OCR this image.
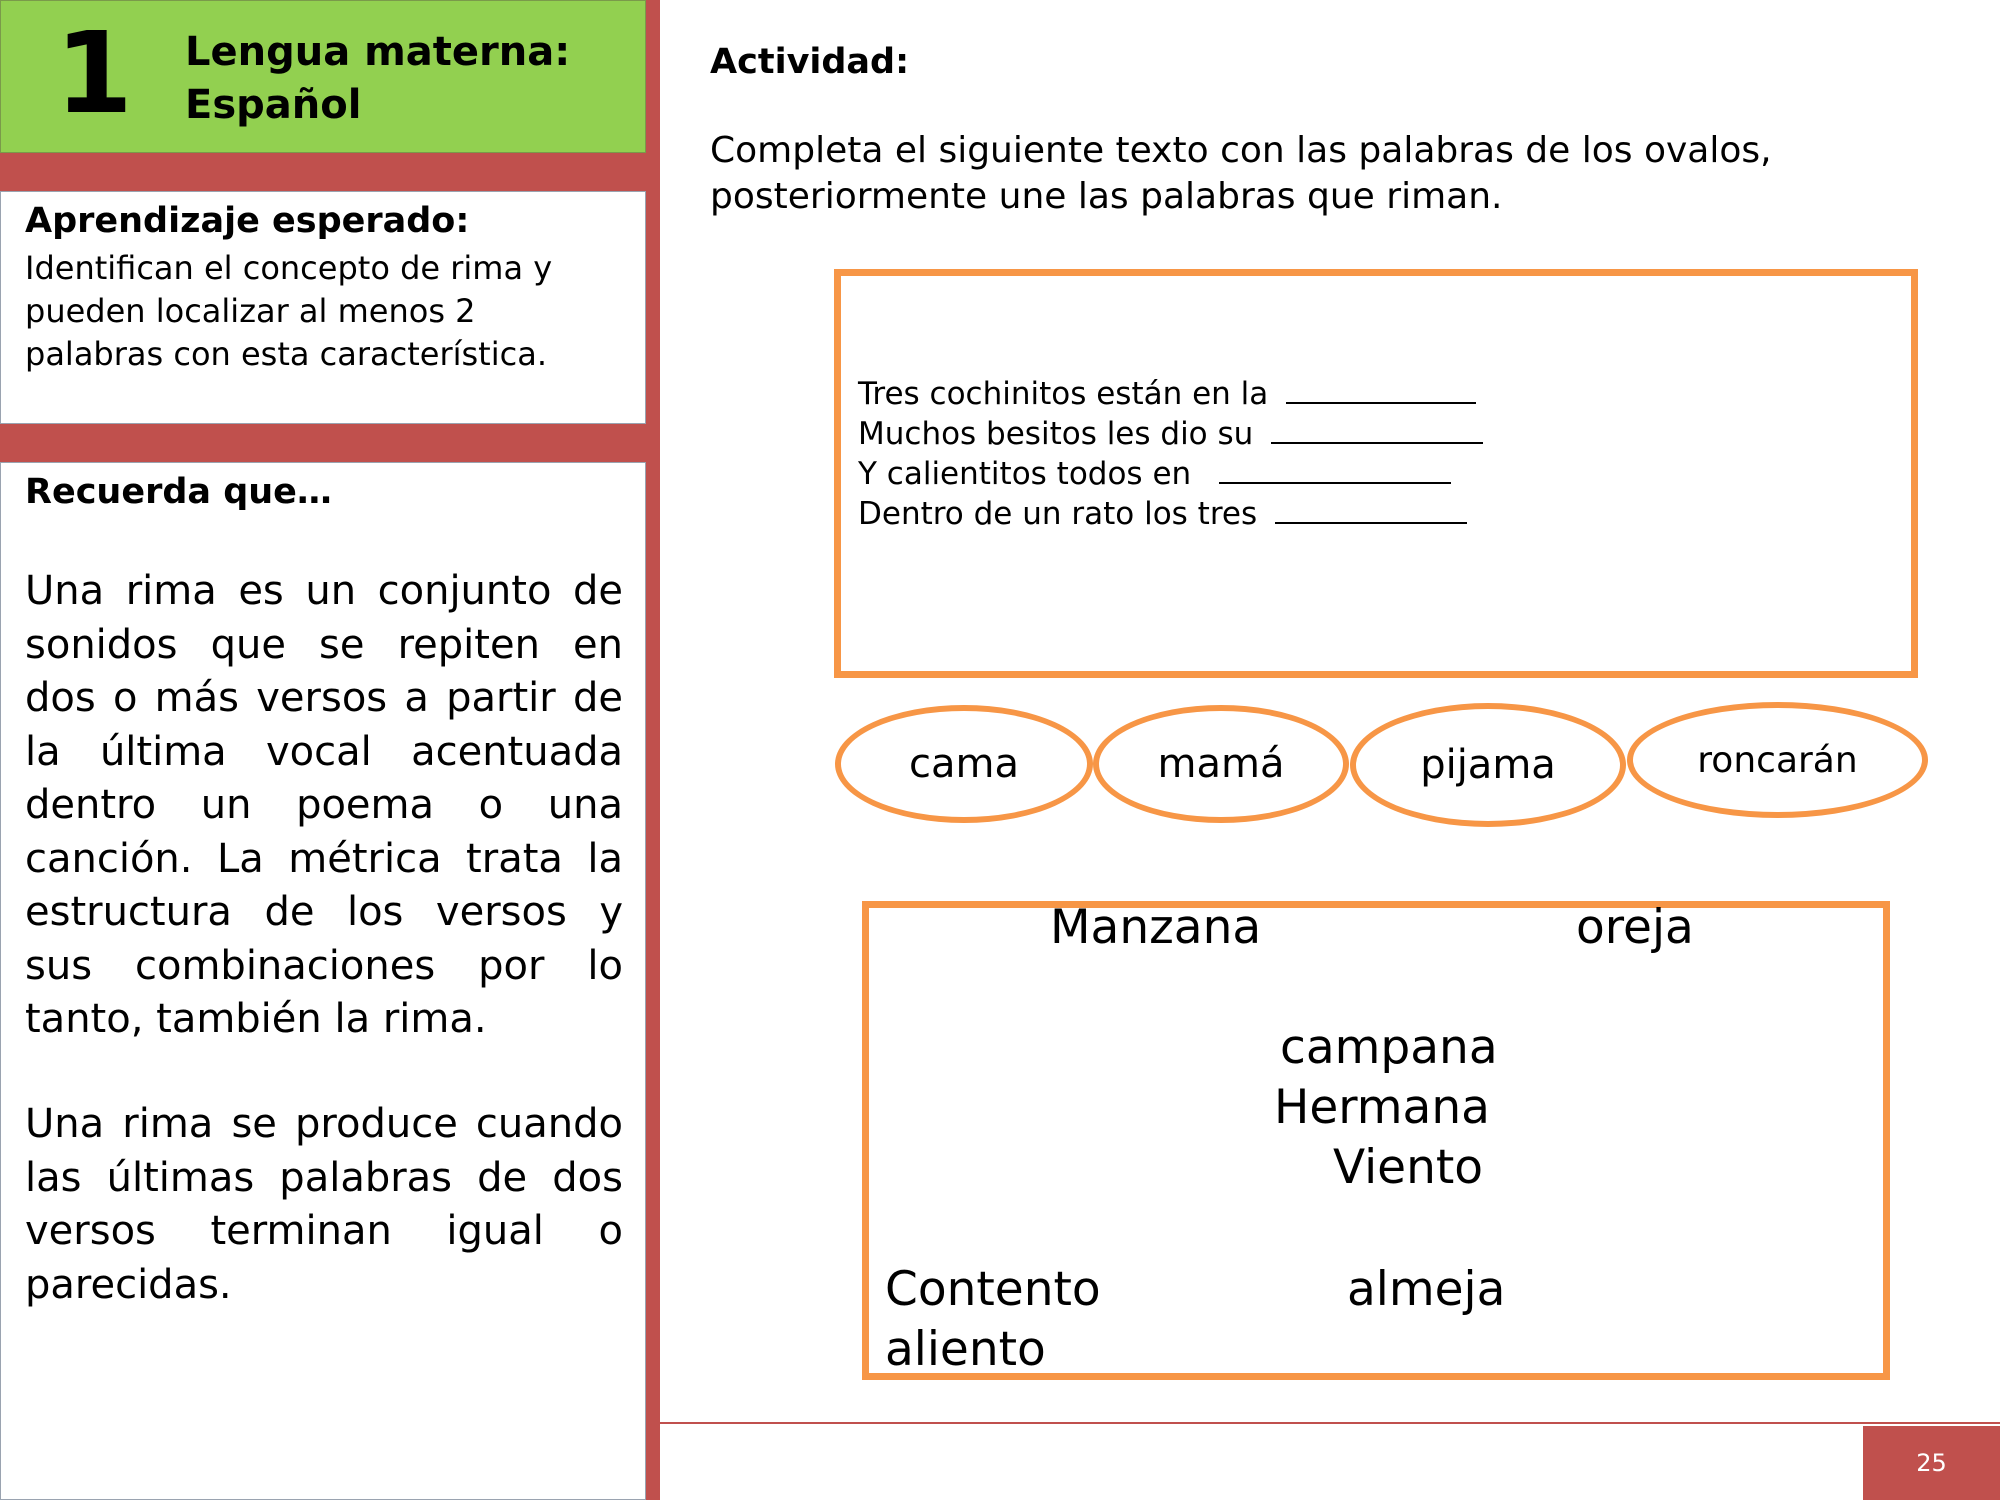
1 Lengua materna:
Español
Aprendizaje esperado:
Identifican el concepto de rima y
pueden localizar al menos 2
palabras con esta característica.
Recuerda que…
Una rima es un conjunto de sonidos que se repiten en dos o más versos a partir de la última vocal acentuada dentro un poema o una canción. La métrica trata la estructura de los versos y sus combinaciones por lo tanto, también la rima.
Una rima se produce cuando las últimas palabras de dos versos terminan igual o parecidas.
Actividad:
Completa el siguiente texto con las palabras de los ovalos,
posteriormente une las palabras que riman.
Tres cochinitos están en la
Muchos besitos les dio su
Y calientitos todos en
Dentro de un rato los tres
cama	mamá	pijama	roncarán
Manzana	oreja
campana
Hermana
Viento
Contento	almeja
aliento
25
